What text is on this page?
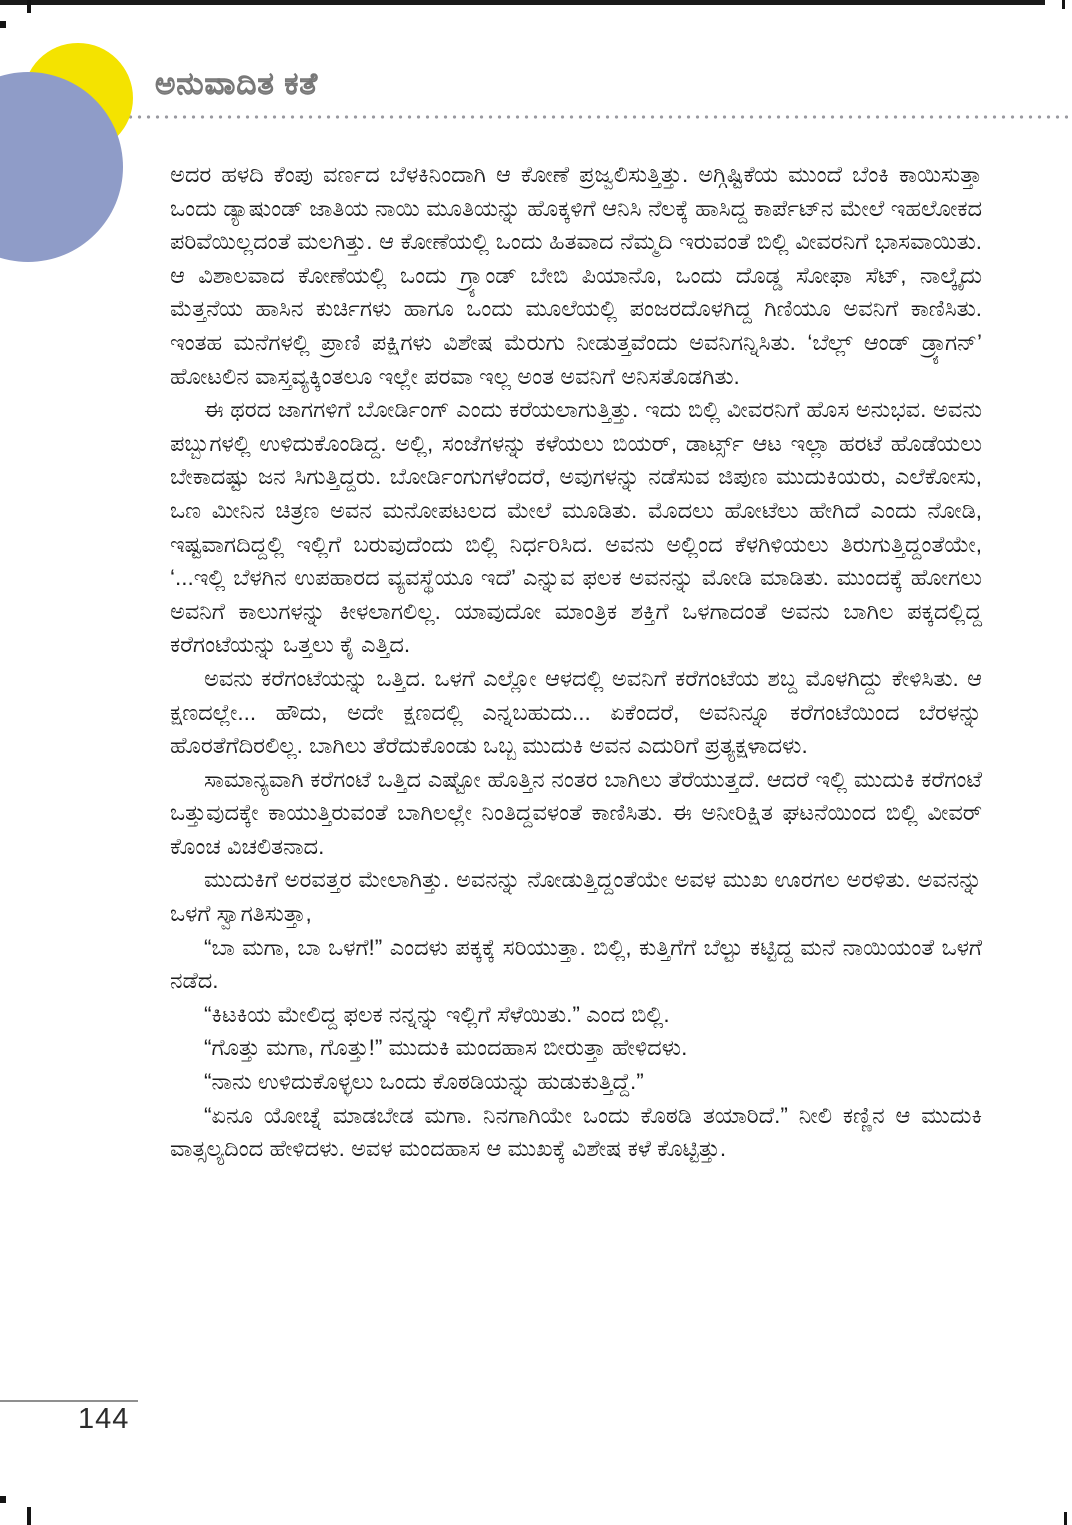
ಅನುವಾದಿತ ಕತೆ

ಅದರ ಹಳದಿ ಕೆಂಪು ವರ್ಣದ ಬೆಳಕಿನಿಂದಾಗಿ ಆ ಕೋಣೆ ಪ್ರಜ್ವಲಿಸುತ್ತಿತ್ತು. ಅಗ್ಗಿಷ್ಟಿಕೆಯ ಮುಂದೆ ಬೆಂಕಿ ಕಾಯಿಸುತ್ತಾ ಒಂದು ಡ್ಯಾಷುಂಡ್ ಜಾತಿಯ ನಾಯಿ ಮೂತಿಯನ್ನು ಹೊಕ್ಕಳಿಗೆ ಆನಿಸಿ ನೆಲಕ್ಕೆ ಹಾಸಿದ್ದ ಕಾರ್ಪೆಟ್‌ನ ಮೇಲೆ ಇಹಲೋಕದ ಪರಿವೆಯಿಲ್ಲದಂತೆ ಮಲಗಿತ್ತು. ಆ ಕೋಣೆಯಲ್ಲಿ ಒಂದು ಹಿತವಾದ ನೆಮ್ಮದಿ ಇರುವಂತೆ ಬಿಲ್ಲಿ ವೀವರನಿಗೆ ಭಾಸವಾಯಿತು. ಆ ವಿಶಾಲವಾದ ಕೋಣೆಯಲ್ಲಿ ಒಂದು ಗ್ರ್ಯಾಂಡ್ ಬೇಬಿ ಪಿಯಾನೊ, ಒಂದು ದೊಡ್ಡ ಸೋಫಾ ಸೆಟ್, ನಾಲ್ಕೈದು ಮೆತ್ತನೆಯ ಹಾಸಿನ ಕುರ್ಚಿಗಳು ಹಾಗೂ ಒಂದು ಮೂಲೆಯಲ್ಲಿ ಪಂಜರದೊಳಗಿದ್ದ ಗಿಣಿಯೂ ಅವನಿಗೆ ಕಾಣಿಸಿತು. ಇಂತಹ ಮನೆಗಳಲ್ಲಿ ಪ್ರಾಣಿ ಪಕ್ಷಿಗಳು ವಿಶೇಷ ಮೆರುಗು ನೀಡುತ್ತವೆಂದು ಅವನಿಗನ್ನಿಸಿತು. ‘ಬೆಲ್ಲ್ ಆಂಡ್ ಡ್ರ್ಯಾಗನ್’ ಹೋಟಲಿನ ವಾಸ್ತವ್ಯಕ್ಕಿಂತಲೂ ಇಲ್ಲೇ ಪರವಾ ಇಲ್ಲ ಅಂತ ಅವನಿಗೆ ಅನಿಸತೊಡಗಿತು.

ಈ ಥರದ ಜಾಗಗಳಿಗೆ ಬೋರ್ಡಿಂಗ್ ಎಂದು ಕರೆಯಲಾಗುತ್ತಿತ್ತು. ಇದು ಬಿಲ್ಲಿ ವೀವರನಿಗೆ ಹೊಸ ಅನುಭವ. ಅವನು ಪಬ್ಬುಗಳಲ್ಲಿ ಉಳಿದುಕೊಂಡಿದ್ದ. ಅಲ್ಲಿ, ಸಂಜೆಗಳನ್ನು ಕಳೆಯಲು ಬಿಯರ್, ಡಾರ್ಟ್ಸ್ ಆಟ ಇಲ್ಲಾ ಹರಟೆ ಹೊಡೆಯಲು ಬೇಕಾದಷ್ಟು ಜನ ಸಿಗುತ್ತಿದ್ದರು. ಬೋರ್ಡಿಂಗುಗಳೆಂದರೆ, ಅವುಗಳನ್ನು ನಡೆಸುವ ಜಿಪುಣ ಮುದುಕಿಯರು, ಎಲೆಕೋಸು, ಒಣ ಮೀನಿನ ಚಿತ್ರಣ ಅವನ ಮನೋಪಟಲದ ಮೇಲೆ ಮೂಡಿತು. ಮೊದಲು ಹೋಟೆಲು ಹೇಗಿದೆ ಎಂದು ನೋಡಿ, ಇಷ್ಟವಾಗದಿದ್ದಲ್ಲಿ ಇಲ್ಲಿಗೆ ಬರುವುದೆಂದು ಬಿಲ್ಲಿ ನಿರ್ಧರಿಸಿದ. ಅವನು ಅಲ್ಲಿಂದ ಕೆಳಗಿಳಿಯಲು ತಿರುಗುತ್ತಿದ್ದಂತೆಯೇ, ‘...ಇಲ್ಲಿ ಬೆಳಗಿನ ಉಪಹಾರದ ವ್ಯವಸ್ಥೆಯೂ ಇದೆ’ ಎನ್ನುವ ಫಲಕ ಅವನನ್ನು ಮೋಡಿ ಮಾಡಿತು. ಮುಂದಕ್ಕೆ ಹೋಗಲು ಅವನಿಗೆ ಕಾಲುಗಳನ್ನು ಕೀಳಲಾಗಲಿಲ್ಲ. ಯಾವುದೋ ಮಾಂತ್ರಿಕ ಶಕ್ತಿಗೆ ಒಳಗಾದಂತೆ ಅವನು ಬಾಗಿಲ ಪಕ್ಕದಲ್ಲಿದ್ದ ಕರೆಗಂಟೆಯನ್ನು ಒತ್ತಲು ಕೈ ಎತ್ತಿದ.

ಅವನು ಕರೆಗಂಟೆಯನ್ನು ಒತ್ತಿದ. ಒಳಗೆ ಎಲ್ಲೋ ಆಳದಲ್ಲಿ ಅವನಿಗೆ ಕರೆಗಂಟೆಯ ಶಬ್ದ ಮೊಳಗಿದ್ದು ಕೇಳಿಸಿತು. ಆ ಕ್ಷಣದಲ್ಲೇ... ಹೌದು, ಅದೇ ಕ್ಷಣದಲ್ಲಿ ಎನ್ನಬಹುದು... ಏಕೆಂದರೆ, ಅವನಿನ್ನೂ ಕರೆಗಂಟೆಯಿಂದ ಬೆರಳನ್ನು ಹೊರತೆಗೆದಿರಲಿಲ್ಲ. ಬಾಗಿಲು ತೆರೆದುಕೊಂಡು ಒಬ್ಬ ಮುದುಕಿ ಅವನ ಎದುರಿಗೆ ಪ್ರತ್ಯಕ್ಷಳಾದಳು.

ಸಾಮಾನ್ಯವಾಗಿ ಕರೆಗಂಟೆ ಒತ್ತಿದ ಎಷ್ಟೋ ಹೊತ್ತಿನ ನಂತರ ಬಾಗಿಲು ತೆರೆಯುತ್ತದೆ. ಆದರೆ ಇಲ್ಲಿ ಮುದುಕಿ ಕರೆಗಂಟೆ ಒತ್ತುವುದಕ್ಕೇ ಕಾಯುತ್ತಿರುವಂತೆ ಬಾಗಿಲಲ್ಲೇ ನಿಂತಿದ್ದವಳಂತೆ ಕಾಣಿಸಿತು. ಈ ಅನೀರಿಕ್ಷಿತ ಘಟನೆಯಿಂದ ಬಿಲ್ಲಿ ವೀವರ್ ಕೊಂಚ ವಿಚಲಿತನಾದ.

ಮುದುಕಿಗೆ ಅರವತ್ತರ ಮೇಲಾಗಿತ್ತು. ಅವನನ್ನು ನೋಡುತ್ತಿದ್ದಂತೆಯೇ ಅವಳ ಮುಖ ಊರಗಲ ಅರಳಿತು. ಅವನನ್ನು ಒಳಗೆ ಸ್ವಾಗತಿಸುತ್ತಾ,

“ಬಾ ಮಗಾ, ಬಾ ಒಳಗೆ!” ಎಂದಳು ಪಕ್ಕಕ್ಕೆ ಸರಿಯುತ್ತಾ. ಬಿಲ್ಲಿ, ಕುತ್ತಿಗೆಗೆ ಬೆಲ್ಟು ಕಟ್ಟಿದ್ದ ಮನೆ ನಾಯಿಯಂತೆ ಒಳಗೆ ನಡೆದ.

“ಕಿಟಕಿಯ ಮೇಲಿದ್ದ ಫಲಕ ನನ್ನನ್ನು ಇಲ್ಲಿಗೆ ಸೆಳೆಯಿತು.” ಎಂದ ಬಿಲ್ಲಿ.

“ಗೊತ್ತು ಮಗಾ, ಗೊತ್ತು!” ಮುದುಕಿ ಮಂದಹಾಸ ಬೀರುತ್ತಾ ಹೇಳಿದಳು.

“ನಾನು ಉಳಿದುಕೊಳ್ಳಲು ಒಂದು ಕೊಠಡಿಯನ್ನು ಹುಡುಕುತ್ತಿದ್ದೆ.”

“ಏನೂ ಯೋಚ್ನೆ ಮಾಡಬೇಡ ಮಗಾ. ನಿನಗಾಗಿಯೇ ಒಂದು ಕೊಠಡಿ ತಯಾರಿದೆ.” ನೀಲಿ ಕಣ್ಣಿನ ಆ ಮುದುಕಿ ವಾತ್ಸಲ್ಯದಿಂದ ಹೇಳಿದಳು. ಅವಳ ಮಂದಹಾಸ ಆ ಮುಖಕ್ಕೆ ವಿಶೇಷ ಕಳೆ ಕೊಟ್ಟಿತ್ತು.

144
